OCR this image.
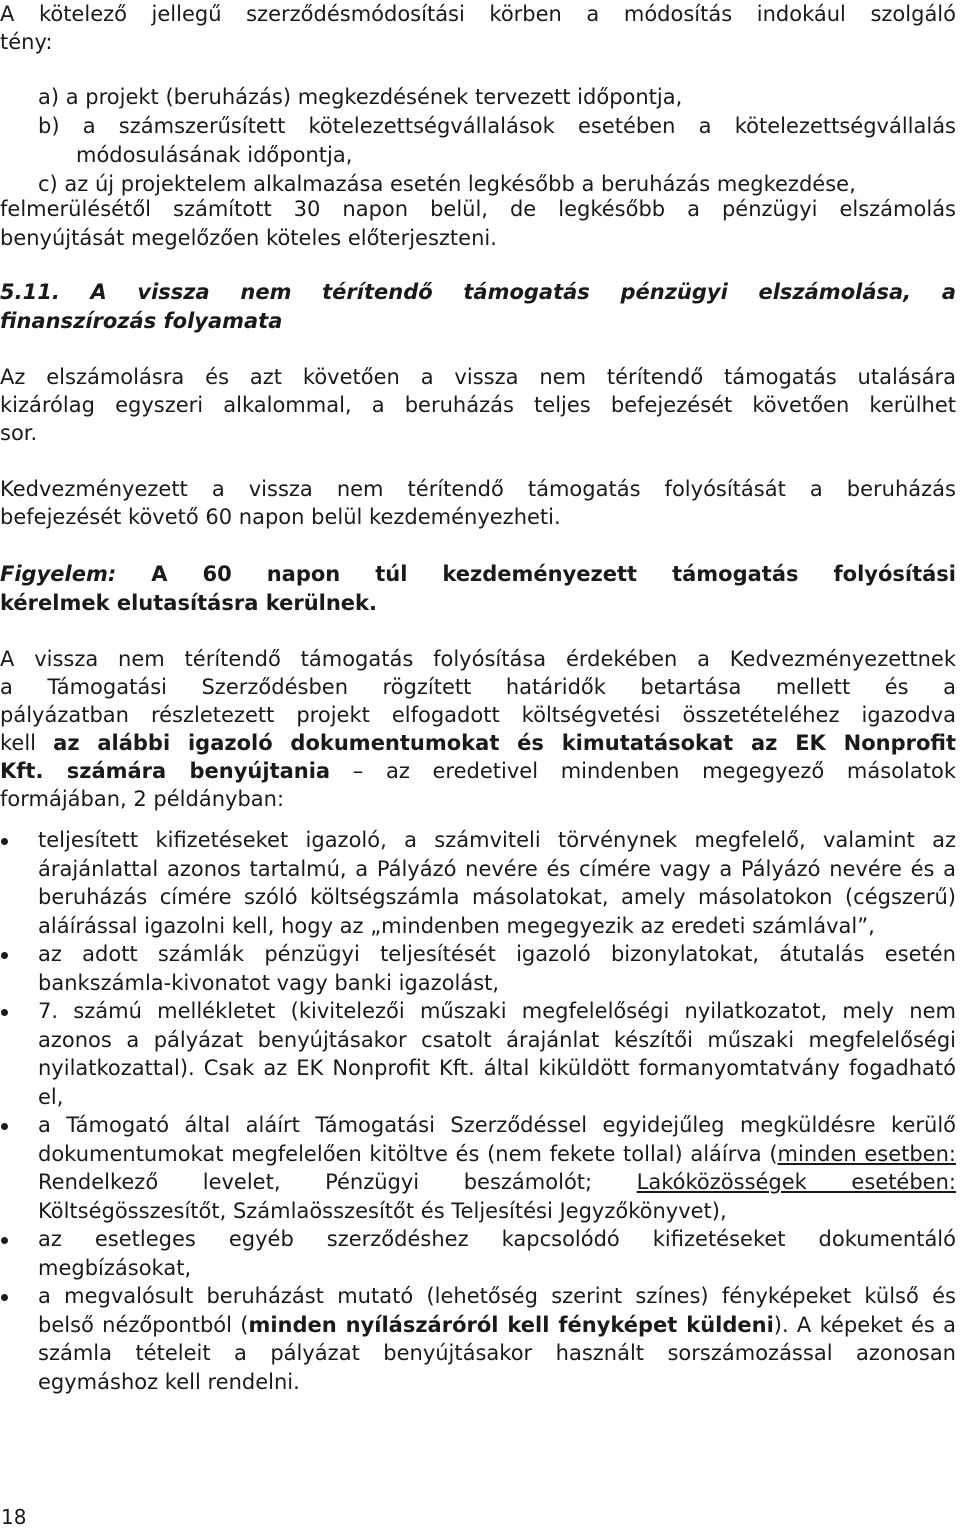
A kötelező jellegű szerződésmódosítási körben a módosítás indokául szolgáló
tény:
a) a projekt (beruházás) megkezdésének tervezett időpontja,
b) a számszerűsített kötelezettségvállalások esetében a kötelezettségvállalás
módosulásának időpontja,
c) az új projektelem alkalmazása esetén legkésőbb a beruházás megkezdése,
felmerülésétől számított 30 napon belül, de legkésőbb a pénzügyi elszámolás
benyújtását megelőzően köteles előterjeszteni.
5.11. A vissza nem térítendő támogatás pénzügyi elszámolása, a
finanszírozás folyamata
Az elszámolásra és azt követően a vissza nem térítendő támogatás utalására
kizárólag egyszeri alkalommal, a beruházás teljes befejezését követően kerülhet
sor.
Kedvezményezett a vissza nem térítendő támogatás folyósítását a beruházás
befejezését követő 60 napon belül kezdeményezheti.
Figyelem: A 60 napon túl kezdeményezett támogatás folyósítási
kérelmek elutasításra kerülnek.
A vissza nem térítendő támogatás folyósítása érdekében a Kedvezményezettnek
a Támogatási Szerződésben rögzített határidők betartása mellett és a
pályázatban részletezett projekt elfogadott költségvetési összetételéhez igazodva
kell az alábbi igazoló dokumentumokat és kimutatásokat az EK Nonprofit
Kft. számára benyújtania – az eredetivel mindenben megegyező másolatok
formájában, 2 példányban:
teljesített kifizetéseket igazoló, a számviteli törvénynek megfelelő, valamint az árajánlattal azonos tartalmú, a Pályázó nevére és címére vagy a Pályázó nevére és a beruházás címére szóló költségszámla másolatokat, amely másolatokon (cégszerű) aláírással igazolni kell, hogy az „mindenben megegyezik az eredeti számlával”,
az adott számlák pénzügyi teljesítését igazoló bizonylatokat, átutalás esetén bankszámla-kivonatot vagy banki igazolást,
7. számú mellékletet (kivitelezői műszaki megfelelőségi nyilatkozatot, mely nem azonos a pályázat benyújtásakor csatolt árajánlat készítői műszaki megfelelőségi nyilatkozattal). Csak az EK Nonprofit Kft. által kiküldött formanyomtatvány fogadható el,
a Támogató által aláírt Támogatási Szerződéssel egyidejűleg megküldésre kerülő dokumentumokat megfelelően kitöltve és (nem fekete tollal) aláírva (minden esetben: Rendelkező levelet, Pénzügyi beszámolót; Lakóközösségek esetében: Költségösszesítőt, Számlaösszesítőt és Teljesítési Jegyzőkönyvet),
az esetleges egyéb szerződéshez kapcsolódó kifizetéseket dokumentáló megbízásokat,
a megvalósult beruházást mutató (lehetőség szerint színes) fényképeket külső és belső nézőpontból (minden nyílászáróról kell fényképet küldeni). A képeket és a számla tételeit a pályázat benyújtásakor használt sorszámozással azonosan egymáshoz kell rendelni.
18
